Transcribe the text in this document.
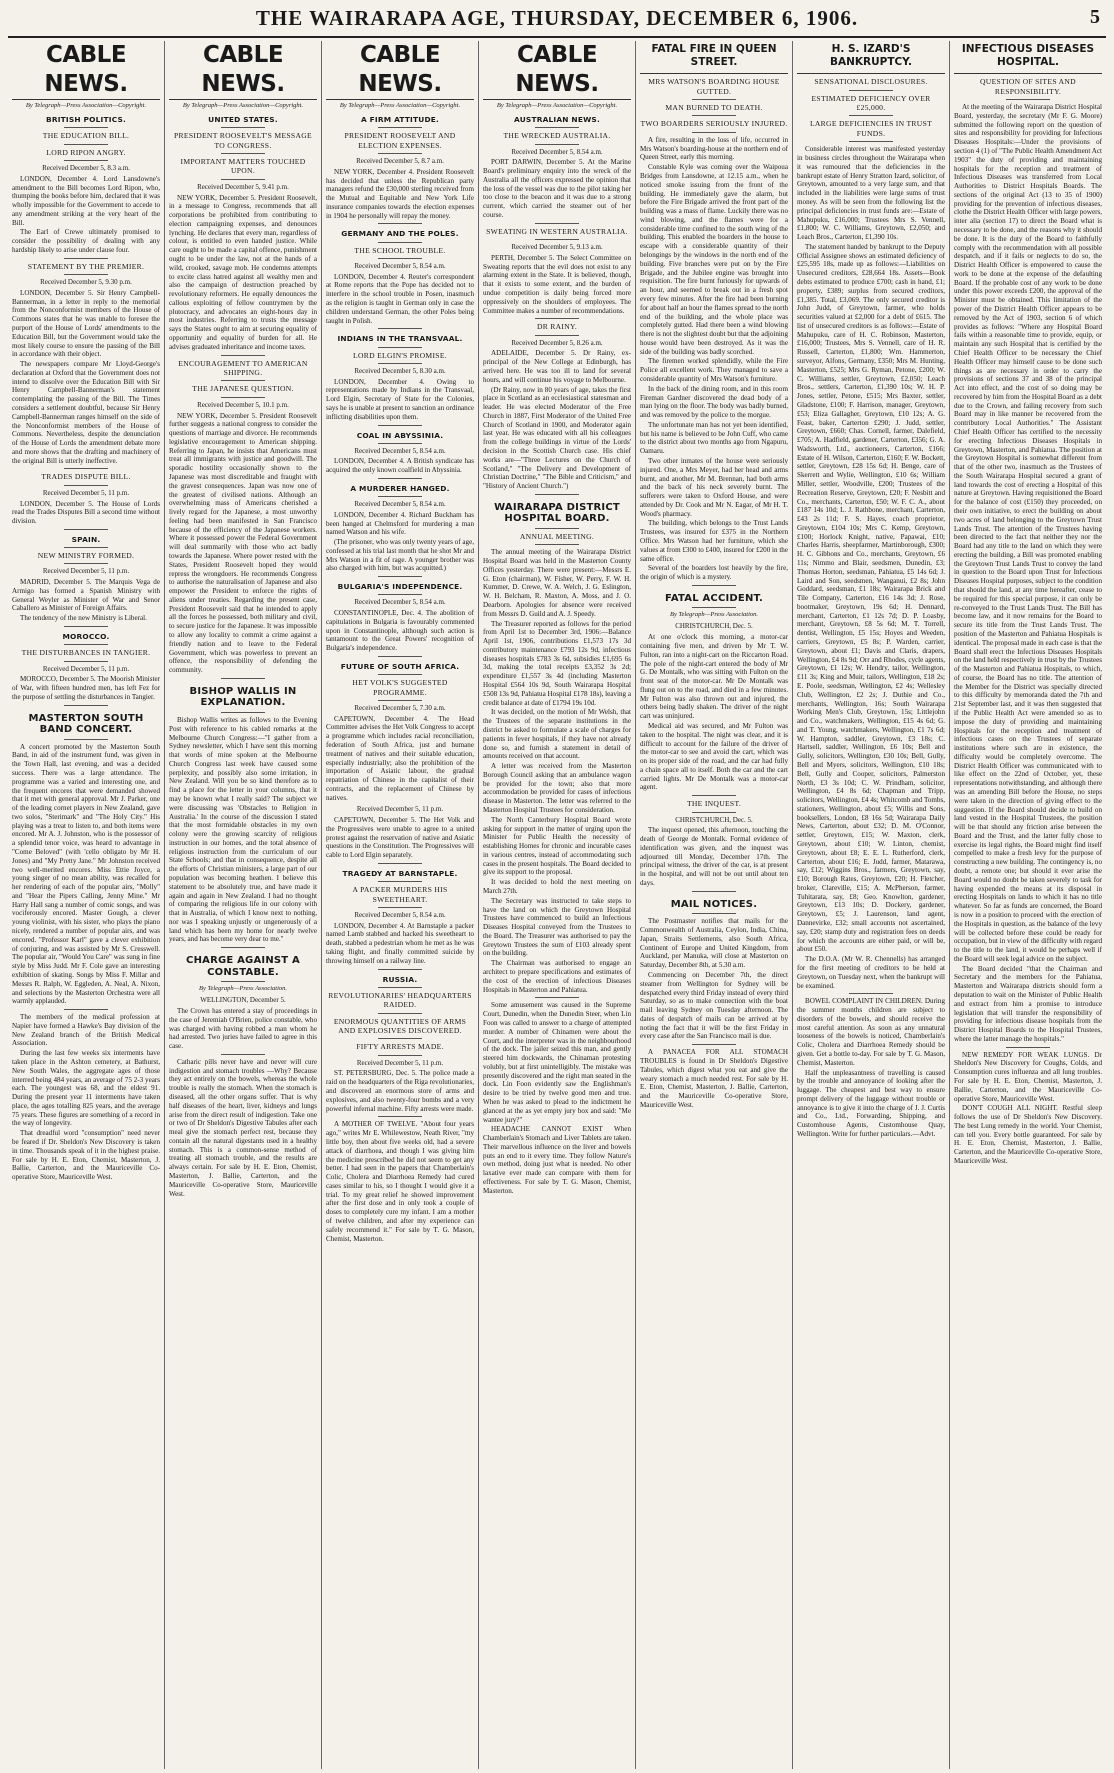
THE WAIRARAPA AGE, THURSDAY, DECEMBER 6, 1906.	5
CABLE NEWS.
By Telegraph—Press Association—Copyright.
BRITISH POLITICS.
THE EDUCATION BILL.
LORD RIPON ANGRY.
Received December 5, 8.3 a.m.

LONDON, December 4. Lord Lansdowne's amendment to the Bill becomes Lord Ripon, who, thumping the books before him, declared that it was wholly impossible for the Government to accede to any amendment striking at the very heart of the Bill.

The Earl of Crewe ultimately promised to consider the possibility of dealing with any hardship likely to arise under clause four.

STATEMENT BY THE PREMIER.
Received December 5, 9.30 p.m.

LONDON, December 5. Sir Henry Campbell-Bannerman, in a letter in reply to the memorial from the Nonconformist members of the House of Commons states that he was unable to foresee the purport of the House of Lords' amendments to the Education Bill, but the Government would take the most likely course to ensure the passing of the Bill in accordance with their object.

The newspapers compare Mr Lloyd-George's declaration at Oxford that the Government does not intend to dissolve over the Education Bill with Sir Henry Campbell-Bannerman's statement contemplating the passing of the Bill. The Times considers a settlement doubtful, because Sir Henry Campbell-Bannerman ranges himself on the side of the Nonconformist members of the House of Commons. Nevertheless, despite the denunciation of the House of Lords the amendment debate more and more shows that the drafting and machinery of the original Bill is utterly ineffective.

TRADES DISPUTE BILL.
Received December 5, 11 p.m.

LONDON, December 5. The House of Lords read the Trades Disputes Bill a second time without division.

SPAIN.
NEW MINISTRY FORMED.
Received December 5, 11 p.m.

MADRID, December 5. The Marquis Vega de Armigo has formed a Spanish Ministry with General Weyler as Minister of War and Senor Caballero as Minister of Foreign Affairs.

The tendency of the new Ministry is Liberal.

MOROCCO.
THE DISTURBANCES IN TANGIER.
Received December 5, 11 p.m.

MOROCCO, December 5. The Moorish Minister of War, with fifteen hundred men, has left Fez for the purpose of settling the disturbances in Tangier.

MASTERTON SOUTH BAND CONCERT.

A concert promoted by the Masterton South Band, in aid of the instrument fund, was given in the Town Hall, last evening, and was a decided success. There was a large attendance. The programme was a varied and interesting one, and the frequent encores that were demanded showed that it met with general approval. Mr J. Parker, one of the leading cornet players in New Zealand, gave two solos, "Sterimark" and "The Holy City." His playing was a treat to listen to, and both items were encored. Mr A. J. Johnston, who is the possessor of a splendid tenor voice, was heard to advantage in "Come Beloved" (with 'cello obligato by Mr H. Jones) and "My Pretty Jane." Mr Johnston received two well-merited encores. Miss Ettie Joyce, a young singer of no mean ability, was recalled for her rendering of each of the popular airs, "Molly" and "Hear the Pipers Calling, Jenny Mine." Mr Harry Hall sang a number of comic songs, and was vociferously encored. Master Gough, a clever young violinist, with his sister, who plays the piano nicely, rendered a number of popular airs, and was encored. "Professor Karl" gave a clever exhibition of conjuring, and was assisted by Mr S. Cresswell. The popular air, "Would You Care" was sung in fine style by Miss Judd. Mr F. Cole gave an interesting exhibition of skating. Songs by Miss F. Millar and Messrs R. Ralph, W. Eggleden, A. Neal, A. Nixon, and selections by the Masterton Orchestra were all warmly applauded.

The members of the medical profession at Napier have formed a Hawke's Bay division of the New Zealand branch of the British Medical Association.

During the last few weeks six interments have taken place in the Ashton cemetery, at Bathurst, New South Wales, the aggregate ages of those interred being 484 years, an average of 75 2-3 years each. The youngest was 68, and the eldest 91. During the present year 11 interments have taken place, the ages totalling 825 years, and the average 75 years. These figures are something of a record in the way of longevity.

That dreadful word "consumption" need never be feared if Dr. Sheldon's New Discovery is taken in time. Thousands speak of it in the highest praise. For sale by H. E. Eton, Chemist, Masterton, J. Ballie, Carterton, and the Mauriceville Co-operative Store, Mauriceville West.

CABLE NEWS.
By Telegraph—Press Association—Copyright.
UNITED STATES.
PRESIDENT ROOSEVELT'S MESSAGE TO CONGRESS.
IMPORTANT MATTERS TOUCHED UPON.
Received December 5, 9.41 p.m.

NEW YORK, December 5. President Roosevelt, in a message to Congress, recommends that all corporations be prohibited from contributing to election campaigning expenses, and denounces lynching. He declares that every man, regardless of colour, is entitled to even handed justice. While care ought to be made a capital offence, punishment ought to be under the law, not at the hands of a wild, crooked, savage mob. He condemns attempts to excite class hatred against all wealthy men and also the campaign of destruction preached by revolutionary reformers. He equally denounces the callous exploiting of fellow countrymen by the plutocracy, and advocates an eight-hours day in most industries. Referring to trusts the message says the States ought to aim at securing equality of opportunity and equality of burden for all. He advises graduated inheritance and income taxes.

ENCOURAGEMENT TO AMERICAN SHIPPING.
THE JAPANESE QUESTION.
Received December 5, 10.1 p.m.

NEW YORK, December 5. President Roosevelt further suggests a national congress to consider the questions of marriage and divorce. He recommends legislative encouragement to American shipping. Referring to Japan, he insists that Americans must treat all immigrants with justice and goodwill. The sporadic hostility occasionally shown to the Japanese was most discreditable and fraught with the gravest consequences. Japan was now one of the greatest of civilised nations. Although an overwhelming mass of Americans cherished a lively regard for the Japanese, a most unworthy feeling had been manifested in San Francisco because of the efficiency of the Japanese workers. Where it possessed power the Federal Government will deal summarily with those who act badly towards the Japanese. Where power rested with the States, President Roosevelt hoped they would repress the wrongdoers. He recommends Congress to authorise the naturalisation of Japanese and also empower the President to enforce the rights of aliens under treaties. Regarding the present case, President Roosevelt said that he intended to apply all the forces he possessed, both military and civil, to secure justice for the Japanese. It was impossible to allow any locality to commit a crime against a friendly nation and to leave to the Federal Government, which was powerless to prevent an offence, the responsibility of defending the community.

BISHOP WALLIS IN EXPLANATION.

Bishop Wallis writes as follows to the Evening Post with reference to his cabled remarks at the Melbourne Church Congress:—"I gather from a Sydney newsletter, which I have sent this morning that words of mine spoken at the Melbourne Church Congress last week have caused some perplexity, and possibly also some irritation, in New Zealand. Will you be so kind therefore as to find a place for the letter in your columns, that it may be known what I really said? The subject we were discussing was 'Obstacles to Religion in Australia.' In the course of the discussion I stated that the most formidable obstacles in my own colony were the growing scarcity of religious instruction in our homes, and the total absence of religious instruction from the curriculum of our State Schools; and that in consequence, despite all the efforts of Christian ministers, a large part of our population was becoming heathen. I believe this statement to be absolutely true, and have made it again and again in New Zealand. I had no thought of comparing the religious life in our colony with that in Australia, of which I know next to nothing, nor was I speaking unjustly or ungenerously of a land which has been my home for nearly twelve years, and has become very dear to me."

CHARGE AGAINST A CONSTABLE.
By Telegraph—Press Association.
WELLINGTON, December 5.

The Crown has entered a stay of proceedings in the case of Jeremiah O'Brien, police constable, who was charged with having robbed a man whom he had arrested. Two juries have failed to agree in this case.

Catharic pills never have and never will cure indigestion and stomach troubles —Why? Because they act entirely on the bowels, whereas the whole trouble is really the stomach. When the stomach is diseased, all the other organs suffer. That is why half diseases of the heart, liver, kidneys and lungs arise from the direct result of indigestion. Take one or two of Dr Sheldon's Digestive Tabules after each meal give the stomach perfect rest, because they contain all the natural digestants used in a healthy stomach. This is a common-sense method of treating all stomach trouble, and the results are always certain. For sale by H. E. Eton, Chemist, Masterton, J. Ballie, Carterton, and the Mauriceville Co-operative Store, Mauriceville West.

CABLE NEWS.
By Telegraph—Press Association—Copyright.
A FIRM ATTITUDE.
PRESIDENT ROOSEVELT AND ELECTION EXPENSES.
Received December 5, 8.7 a.m.

NEW YORK, December 4. President Roosevelt has decided that unless the Republican party managers refund the £30,000 sterling received from the Mutual and Equitable and New York Life insurance companies towards the election expenses in 1904 he personally will repay the money.

GERMANY AND THE POLES.
THE SCHOOL TROUBLE.
Received December 5, 8.54 a.m.

LONDON, December 4. Reuter's correspondent at Rome reports that the Pope has decided not to interfere in the school trouble in Posen, inasmuch as the religion is taught in German only in case the children understand German, the other Poles being taught in Polish.

INDIANS IN THE TRANSVAAL.
LORD ELGIN'S PROMISE.
Received December 5, 8.30 a.m.

LONDON, December 4. Owing to representations made by Indians in the Transvaal, Lord Elgin, Secretary of State for the Colonies, says he is unable at present to sanction an ordinance inflicting disabilities upon them.

COAL IN ABYSSINIA.
Received December 5, 8.54 a.m.

LONDON, December 4. A British syndicate has acquired the only known coalfield in Abyssinia.

A MURDERER HANGED.
Received December 5, 8.54 a.m.

LONDON, December 4. Richard Buckham has been hanged at Chelmsford for murdering a man named Watson and his wife.

(The prisoner, who was only twenty years of age, confessed at his trial last month that he shot Mr and Mrs Watson in a fit of rage. A younger brother was also charged with him, but was acquitted.)

BULGARIA'S INDEPENDENCE.
Received December 5, 8.54 a.m.

CONSTANTINOPLE, Dec. 4. The abolition of capitulations in Bulgaria is favourably commented upon in Constantinople, although such action is tantamount to the Great Powers' recognition of Bulgaria's independence.

FUTURE OF SOUTH AFRICA.
HET VOLK'S SUGGESTED PROGRAMME.
Received December 5, 7.30 a.m.

CAPETOWN, December 4. The Head Committee advises the Het Volk Congress to accept a programme which includes racial reconciliation, federation of South Africa, just and humane treatment of natives and their suitable education, especially industrially; also the prohibition of the importation of Asiatic labour, the gradual repatriation of Chinese in the capitalist of their contracts, and the replacement of Chinese by natives.

Received December 5, 11 p.m.

CAPETOWN, December 5. The Het Volk and the Progressives were unable to agree to a united protest against the reservation of native and Asiatic questions in the Constitution. The Progressives will cable to Lord Elgin separately.

TRAGEDY AT BARNSTAPLE.
A PACKER MURDERS HIS SWEETHEART.
Received December 5, 8.54 a.m.

LONDON, December 4. At Barnstaple a packer named Lamb stabbed and hacked his sweetheart to death, stabbed a pedestrian whom he met as he was taking flight, and finally committed suicide by throwing himself on a railway line.

RUSSIA.
REVOLUTIONARIES' HEADQUARTERS RAIDED.
ENORMOUS QUANTITIES OF ARMS AND EXPLOSIVES DISCOVERED.
FIFTY ARRESTS MADE.
Received December 5, 11 p.m.

ST. PETERSBURG, Dec. 5. The police made a raid on the headquarters of the Riga revolutionaries, and discovered an enormous store of arms and explosives, and also twenty-four bombs and a very powerful infernal machine. Fifty arrests were made.

A MOTHER OF TWELVE. "About four years ago," writes Mr E. Whilewestow, Neath River, "my little boy, then about five weeks old, had a severe attack of diarrhoea, and though I was giving him the medicine prescribed he did not seem to get any better. I had seen in the papers that Chamberlain's Colic, Cholera and Diarrhoea Remedy had cured cases similar to his, so I thought I would give it a trial. To my great relief he showed improvement after the first dose and in only took a couple of doses to completely cure my infant. I am a mother of twelve children, and after my experience can safely recommend it." For sale by T. G. Mason, Chemist, Masterton.

CABLE NEWS.
By Telegraph—Press Association—Copyright.
AUSTRALIAN NEWS.
THE WRECKED AUSTRALIA.
Received December 5, 8.54 a.m.

PORT DARWIN, December 5. At the Marine Board's preliminary enquiry into the wreck of the Australia all the officers expressed the opinion that the loss of the vessel was due to the pilot taking her too close to the beacon and it was due to a strong current, which carried the steamer out of her course.

SWEATING IN WESTERN AUSTRALIA.
Received December 5, 9.13 a.m.

PERTH, December 5. The Select Committee on Sweating reports that the evil does not exist to any alarming extent in the State. It is believed, though, that it exists to some extent, and the burden of undue competition is daily being forced more oppressively on the shoulders of employees. The Committee makes a number of recommendations.

DR RAINY.
Received December 5, 8.26 a.m.

ADELAIDE, December 5. Dr Rainy, ex-principal of the New College at Edinburgh, has arrived here. He was too ill to land for several hours, and will continue his voyage to Melbourne.

(Dr Rainy, now in 80 years of age, takes the first place in Scotland as an ecclesiastical statesman and leader. He was elected Moderator of the Free Church in 1887, First Moderator of the United Free Church of Scotland in 1900, and Moderator again last year. He was educated with all his colleagues from the college buildings in virtue of the Lords' decision in the Scottish Church case. His chief works are—"Three Lectures on the Church of Scotland," "The Delivery and Development of Christian Doctrine," "The Bible and Criticism," and "History of Ancient Church.")

WAIRARAPA DISTRICT HOSPITAL BOARD.
ANNUAL MEETING.

The annual meeting of the Wairarapa District Hospital Board was held in the Masterton County Offices yesterday. There were present:—Messrs E. G. Eton (chairman), W. Fisher, W. Perry, F. W. H. Kummer, D. Crewe, W. A. Welch, J. G. Eslington, W. H. Belcham, R. Maxton, A. Moss, and J. O. Dearborn. Apologies for absence were received from Messrs D. Guild and A. J. Speedy.

The Treasurer reported as follows for the period from April 1st to December 3rd, 1906:—Balance April 1st, 1906, contributions £1,573 17s 3d contributory maintenance £793 12s 9d, infectious diseases hospitals £783 3s 6d, subsidies £1,695 6s 3d, making the total receipts £3,352 3s 2d; expenditure £1,557 3s 4d (including Masterton Hospital £564 10s 9d, South Wairarapa Hospital £508 13s 9d, Pahiatua Hospital £178 18s), leaving a credit balance at date of £1794 19s 10d.

It was decided, on the motion of Mr Welsh, that the Trustees of the separate institutions in the district be asked to formulate a scale of charges for patients in fever hospitals, if they have not already done so, and furnish a statement in detail of amounts received on that account.

A letter was received from the Masterton Borough Council asking that an ambulance wagon be provided for the town; also that more accommodation be provided for cases of infectious disease in Masterton. The letter was referred to the Masterton Hospital Trustees for consideration.

The North Canterbury Hospital Board wrote asking for support in the matter of urging upon the Minister for Public Health the necessity of establishing Homes for chronic and incurable cases in various centres, instead of accommodating such cases in the present hospitals. The Board decided to give its support to the proposal.

It was decided to hold the next meeting on March 27th.

The Secretary was instructed to take steps to have the land on which the Greytown Hospital Trustees have commenced to build an Infectious Diseases Hospital conveyed from the Trustees to the Board. The Treasurer was authorised to pay the Greytown Trustees the sum of £103 already spent on the building.

The Chairman was authorised to engage an architect to prepare specifications and estimates of the cost of the erection of infectious Diseases Hospitals in Masterton and Pahiatua.

Some amusement was caused in the Supreme Court, Dunedin, when the Dunedin Steer, when Lin Foon was called to answer to a charge of attempted murder. A number of Chinamen were about the Court, and the interpreter was in the neighbourhood of the dock. The jailer seized this man, and gently steered him dockwards, the Chinaman protesting volubly, but at first unintelligibly. The mistake was presently discovered and the right man seated in the dock. Lin Foon evidently saw the Englishman's desire to be tried by twelve good men and true. When he was asked to plead to the indictment he glanced at the as yet empty jury box and said: "Me wantee jury?"

HEADACHE CANNOT EXIST When Chamberlain's Stomach and Liver Tablets are taken. Their marvellous influence on the liver and bowels puts an end to it every time. They follow Nature's own method, doing just what is needed. No other laxative ever made can compare with them for effectiveness. For sale by T. G. Mason, Chemist, Masterton.

FATAL FIRE IN QUEEN STREET.
MRS WATSON'S BOARDING HOUSE GUTTED.
MAN BURNED TO DEATH.
TWO BOARDERS SERIOUSLY INJURED.

A fire, resulting in the loss of life, occurred in Mrs Watson's boarding-house at the northern end of Queen Street, early this morning.

Constable Kyle was coming over the Waipoua Bridges from Lansdowne, at 12.15 a.m., when he noticed smoke issuing from the front of the building. He immediately gave the alarm, but before the Fire Brigade arrived the front part of the building was a mass of flame. Luckily there was no wind blowing, and the flames were for a considerable time confined to the south wing of the building. This enabled the boarders in the house to escape with a considerable quantity of their belongings by the windows in the north end of the building. Five branches were put on by the Fire Brigade, and the Jubilee engine was brought into requisition. The fire burnt furiously for upwards of an hour, and seemed to break out in a fresh spot every few minutes. After the fire had been burning for about half an hour the flames spread to the north end of the building, and the whole place was completely gutted. Had there been a wind blowing there is not the slightest doubt but that the adjoining house would have been destroyed. As it was the side of the building was badly scorched.

The firemen worked splendidly, while the Fire Police all excellent work. They managed to save a considerable quantity of Mrs Watson's furniture.

In the back of the dining room, and in this room Fireman Gardner discovered the dead body of a man lying on the floor. The body was badly burned, and was removed by the police to the morgue.

The unfortunate man has not yet been identified, but his name is believed to be John Cuff, who came to the district about two months ago from Ngapuru, Oamaru.

Two other inmates of the house were seriously injured. One, a Mrs Meyer, had her head and arms burnt, and another, Mr M. Brennan, had both arms and the back of his neck severely burnt. The sufferers were taken to Oxford House, and were attended by Dr. Cook and Mr N. Eagar, of Mr H. T. Wood's pharmacy.

The building, which belongs to the Trust Lands Trustees, was insured for £375 in the Northern Office. Mrs Watson had her furniture, which she values at from £300 to £400, insured for £200 in the same office.

Several of the boarders lost heavily by the fire, the origin of which is a mystery.

FATAL ACCIDENT.
By Telegraph—Press Association.
CHRISTCHURCH, Dec. 5.

At one o'clock this morning, a motor-car containing five men, and driven by Mr T. W. Fulton, ran into a night-cart on the Riccarton Road. The pole of the night-cart entered the body of Mr G. De Montalk, who was sitting with Fulton on the front seat of the motor-car. Mr De Montalk was flung out on to the road, and died in a few minutes. Mr Fulton was also thrown out and injured, the others being badly shaken. The driver of the night cart was uninjured.

Medical aid was secured, and Mr Fulton was taken to the hospital. The night was clear, and it is difficult to account for the failure of the driver of the motor-car to see and avoid the cart, which was on its proper side of the road, and the car had fully a chain space all to itself. Both the car and the cart carried lights. Mr De Montalk was a motor-car agent.

THE INQUEST.
CHRISTCHURCH, Dec. 5.

The inquest opened, this afternoon, touching the death of George de Montalk. Formal evidence of identification was given, and the inquest was adjourned till Monday, December 17th. The principal witness, the driver of the car, is at present in the hospital, and will not be out until about ten days.

MAIL NOTICES.

The Postmaster notifies that mails for the Commonwealth of Australia, Ceylon, India, China, Japan, Straits Settlements, also South Africa, Continent of Europe and United Kingdom, from Auckland, per Manuka, will close at Masterton on Saturday, December 8th, at 5.30 a.m.

Commencing on December 7th, the direct steamer from Wellington for Sydney will be despatched every third Friday instead of every third Saturday, so as to make connection with the boat mail leaving Sydney on Tuesday afternoon. The dates of despatch of mails can be arrived at by noting the fact that it will be the first Friday in every case after the San Francisco mail is due.

A PANACEA FOR ALL STOMACH TROUBLES is found in Dr Sheldon's Digestive Tabules, which digest what you eat and give the weary stomach a much needed rest. For sale by H. E. Eton, Chemist, Masterton, J. Ballie, Carterton, and the Mauriceville Co-operative Store, Mauriceville West.

H. S. IZARD'S BANKRUPTCY.
SENSATIONAL DISCLOSURES.
ESTIMATED DEFICIENCY OVER £25,000.
LARGE DEFICIENCIES IN TRUST FUNDS.

Considerable interest was manifested yesterday in business circles throughout the Wairarapa when it was rumoured that the deficiencies in the bankrupt estate of Henry Stratton Izard, solicitor, of Greytown, amounted to a very large sum, and that included in the liabilities were large sums of trust money. As will be seen from the following list the principal deficiencies in trust funds are:—Estate of Mahupuku, £16,000; Trustees Mrs S. Vennell, £1,800; W. C. Williams, Greytown, £2,050; and Leach Bros., Carterton, £1,390 10s.

The statement handed by bankrupt to the Deputy Official Assignee shows an estimated deficiency of £25,595 18s, made up as follows:—Liabilities on Unsecured creditors, £28,664 18s. Assets—Book debts estimated to produce £700; cash in hand, £1; property, £389; surplus from secured creditors, £1,385. Total, £3,069. The only secured creditor is John Judd, of Greytown, farmer, who holds securities valued at £2,000 for a debt of £615. The list of unsecured creditors is as follows:—Estate of Mahupuku, care of H. C. Robinson, Masterton, £16,000; Trustees, Mrs S. Vennell, care of H. R. Russell, Carterton, £1,800; Wm. Hammerton, surveyor, Alfons, Germany, £350; Mrs M. Hunting, Masterton, £525; Mrs G. Ryman, Petone, £200; W. C. Williams, settler, Greytown, £2,050; Leach Bros., settlers, Carterton, £1,390 10s; W. H. P. Jones, settler, Petone, £515; Mrs Baxter, settler, Gladstone, £100; F. Harrison, manager, Greytown, £53; Eliza Gallagher, Greytown, £10 12s; A. G. Feast, baker, Carterton £290; J. Judd, settler, Greytown, £660; Chas. Cornell, farmer, Dalefield, £705; A. Hadfield, gardener, Carterton, £356; G. A. Wadsworth, Ltd., auctioneers, Carterton, £166; Estate of H. Wilson, Carterton, £160; F. W. Bockett, settler, Greytown, £28 15s 6d; H. Benge, care of Skerrett and Wylie, Wellington, £10 6s; William Miller, settler, Woodville, £200; Trustees of the Recreation Reserve, Greytown, £20; F. Nesbitt and Co., merchants, Carterton, £50; W. F. C. A., about £187 14s 10d; L. J. Rathbone, merchant, Carterton, £43 2s 11d; F. S. Hayes, coach proprietor, Greytown, £104 10s; Mrs C. Kemp, Greytown, £100; Horlock Knight, native, Papawai, £10; Charles Harris, sheepfarmer, Martinborough, £300; H. C. Gibbons and Co., merchants, Greytown, £6 11s; Nimmo and Blair, seedsmen, Dunedin, £3; Thomas Horton, seedsman, Pahiatua, £5 14s 6d; J. Laird and Son, seedsmen, Wanganui, £2 8s; John Goddard, seedsman, £1 18s; Wairarapa Brick and Tile Company, Carterton, £16 14s 3d; J. Rose, bootmaker, Greytown, 19s 6d; H. Dennard, merchant, Carterton, £1 12s 7d; D. P. Loasby, merchant, Greytown, £8 5s 6d; M. T. Torrell, dentist, Wellington, £5 15s; Hoyes and Weeden, carriers, Greytown, £5 8s; P. Warden, carrier, Greytown, about £1; Davis and Claris, drapers, Wellington, £4 8s 9d; Orr and Rhodes, cycle agents, Greytown, £1 12s; W. Hendry, tailor, Wellington, £11 3s; King and Muir, tailors, Wellington, £18 2s; E. Poole, seedsman, Wellington, £2 4s; Wellesley Club, Wellington, £2 2s; J. Duthie and Co., merchants, Wellington, 16s; South Wairarapa Working Men's Club, Greytown, 15s; Littlejohn and Co., watchmakers, Wellington, £15 4s 6d; G. and T. Young, watchmakers, Wellington, £1 7s 6d; W. Hampton, saddler, Greytown, £3 18s; C. Hartsell, saddler, Wellington, £6 10s; Bell and Gully, solicitors, Wellington, £30 10s; Bell, Gully, Bell and Myers, solicitors, Wellington, £10 18s; Bell, Gully and Cooper, solicitors, Palmerston North, £3 3s 10d; C. W. Prindham, solicitor, Wellington, £4 8s 6d; Chapman and Tripp, solicitors, Wellington, £4 4s; Whitcomb and Tombs, stationers, Wellington, about £5; Willis and Sons, booksellers, London, £8 16s 5d; Wairarapa Daily News, Carterton, about £32; D. M. O'Connor, settler, Greytown, £15; W. Maxton, clerk, Greytown, about £10; W. Linton, chemist, Greytown, about £8; E. E. L. Rutherford, clerk, Carterton, about £16; E. Judd, farmer, Matarawa, say, £12; Wiggins Bros., farmers, Greytown, say, £10; Borough Rates, Greytown, £20; H. Fletcher, broker, Clareville, £15; A. McPherson, farmer, Tuhitarata, say, £8; Geo. Knowlton, gardener, Greytown, £13 10s; D. Dockery, gardener, Greytown, £5; J. Laurenson, land agent, Dannevirke, £32; small accounts not ascertained, say, £20; stamp duty and registration fees on deeds for which the accounts are either paid, or will be, about £50.

The D.O.A. (Mr W. R. Chennells) has arranged for the first meeting of creditors to be held at Greytown, on Tuesday next, when the bankrupt will be examined.

BOWEL COMPLAINT IN CHILDREN. During the summer months children are subject to disorders of the bowels, and should receive the most careful attention. As soon as any unnatural looseness of the bowels is noticed, Chamberlain's Colic, Cholera and Diarrhoea Remedy should be given. Get a bottle to-day. For sale by T. G. Mason, Chemist, Masterton.

Half the unpleasantness of travelling is caused by the trouble and annoyance of looking after the luggage. The cheapest and best way to ensure prompt delivery of the luggage without trouble or annoyance is to give it into the charge of J. J. Curtis and Co., Ltd., Forwarding, Shipping, and Customhouse Agents, Customhouse Quay, Wellington. Write for further particulars.—Advt.

INFECTIOUS DISEASES HOSPITAL.
QUESTION OF SITES AND RESPONSIBILITY.

At the meeting of the Wairarapa District Hospital Board, yesterday, the secretary (Mr F. G. Moore) submitted the following report on the question of sites and responsibility for providing for Infectious Diseases Hospitals:—Under the provisions of section 4 (1) of "The Public Health Amendment Act 1903" the duty of providing and maintaining hospitals for the reception and treatment of Infectious Diseases was transferred from Local Authorities to District Hospitals Boards. The sections of the original Act (13 to 35 of 1900) providing for the prevention of infectious diseases, clothe the District Health Officer with large powers, inter alia (section 17) to direct the Board what is necessary to be done, and the reasons why it should be done. It is the duty of the Board to faithfully comply with the recommendation with all possible despatch, and if it fails or neglects to do so, the District Health Officer is empowered to cause the work to be done at the expense of the defaulting Board. If the probable cost of any work to be done under this power exceeds £200, the approval of the Minister must be obtained. This limitation of the power of the District Health Officer appears to be removed by the Act of 1903, section 6 of which provides as follows: "Where any Hospital Board fails within a reasonable time to provide, equip, or maintain any such Hospital that is certified by the Chief Health Officer to be necessary the Chief Health Officer may himself cause to be done such things as are necessary in order to carry the provisions of sections 37 and 38 of the principal Act into effect, and the cost of so doing may be recovered by him from the Hospital Board as a debt due to the Crown, and failing recovery from such Board may in like manner be recovered from the contributory Local Authorities." The Assistant Chief Health Officer has certified to the necessity for erecting Infectious Diseases Hospitals in Greytown, Masterton, and Pahiatua. The position at the Greytown Hospital is somewhat different from that of the other two, inasmuch as the Trustees of the South Wairarapa Hospital secured a grant of land towards the cost of erecting a Hospital of this nature at Greytown. Having requisitioned the Board for the balance of cost (£150) they proceeded, on their own initiative, to erect the building on about two acres of land belonging to the Greytown Trust Lands Trust. The attention of the Trustees having been directed to the fact that neither they nor the Board had any title to the land on which they were erecting the building, a Bill was promoted enabling the Greytown Trust Lands Trust to convey the land in question to the Board upon Trust for Infectious Diseases Hospital purposes, subject to the condition that should the land, at any time hereafter, cease to be required for this special purpose, it can only be re-conveyed to the Trust Lands Trust. The Bill has become law, and it now remains for the Board to secure its title from the Trust Lands Trust. The position of the Masterton and Pahiatua Hospitals is identical. The proposal made in each case is that the Board shall erect the Infectious Diseases Hospitals on the land held respectively in trust by the Trustees of the Masterton and Pahiatua Hospitals, to which, of course, the Board has no title. The attention of the Member for the District was specially directed to this difficulty by memoranda dated the 7th and 21st September last, and it was then suggested that if the Public Health Act were amended so as to impose the duty of providing and maintaining Hospitals for the reception and treatment of infectious cases on the Trustees of separate institutions where such are in existence, the difficulty would be completely overcome. The District Health Officer was communicated with to like effect on the 22nd of October, yet, these representations notwithstanding, and although there was an amending Bill before the House, no steps were taken in the direction of giving effect to the suggestion. If the Board should decide to build on land vested in the Hospital Trustees, the position will be that should any friction arise between the Board and the Trust, and the latter fully chose to exercise its legal rights, the Board might find itself compelled to make a fresh levy for the purpose of constructing a new building. The contingency is, no doubt, a remote one; but should it ever arise the Board would no doubt be taken severely to task for having expended the means at its disposal in erecting Hospitals on lands to which it has no title whatever. So far as funds are concerned, the Board is now in a position to proceed with the erection of the Hospitals in question, as the balance of the levy will be collected before these could be ready for occupation, but in view of the difficulty with regard to the title to the land, it would be perhaps well if the Board will seek legal advice on the subject.

The Board decided "that the Chairman and Secretary and the members for the Pahiatua, Masterton and Wairarapa districts should form a deputation to wait on the Minister of Public Health and extract from him a promise to introduce legislation that will transfer the responsibility of providing for infectious disease hospitals from the District Hospital Boards to the Hospital Trustees, where the latter manage the hospitals."

NEW REMEDY FOR WEAK LUNGS. Dr Sheldon's New Discovery for Coughs, Colds, and Consumption cures influenza and all lung troubles. For sale by H. E. Eton, Chemist, Masterton, J. Ballie, Carterton, and the Mauriceville Co-operative Store, Mauriceville West.

DON'T COUGH ALL NIGHT. Restful sleep follows the use of Dr Sheldon's New Discovery. The best Lung remedy in the world. Your Chemist, can tell you. Every bottle guaranteed. For sale by H. E. Eton, Chemist, Masterton, J. Ballie, Carterton, and the Mauriceville Co-operative Store, Mauriceville West.
